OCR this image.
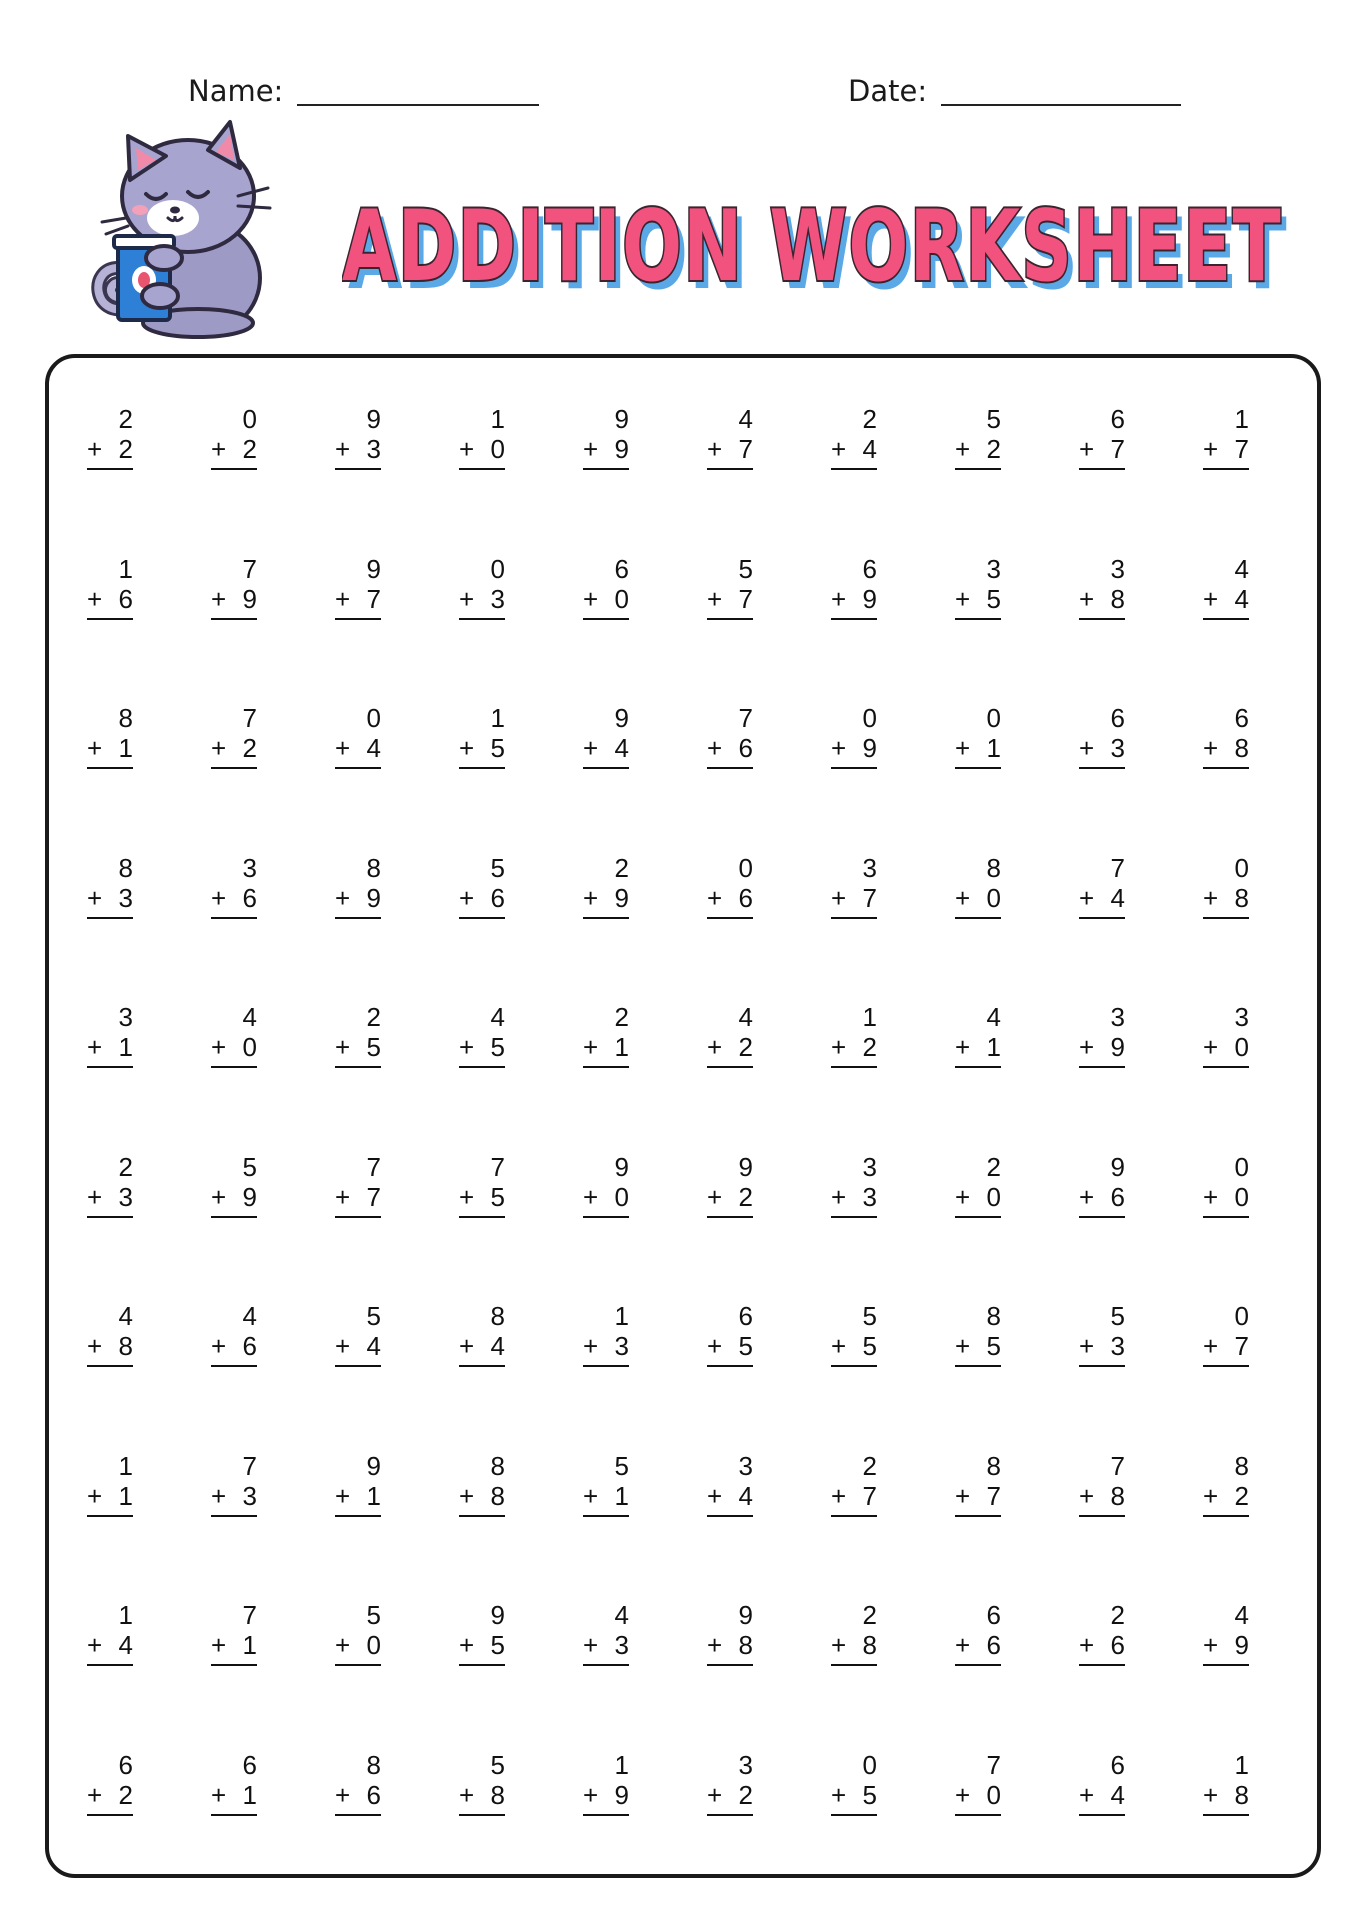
Name:	Date:
ADDITION WORKSHEET
ADDITION WORKSHEET
2
+ 2
0
+ 2
9
+ 3
1
+ 0
9
+ 9
4
+ 7
2
+ 4
5
+ 2
6
+ 7
1
+ 7
1
+ 6
7
+ 9
9
+ 7
0
+ 3
6
+ 0
5
+ 7
6
+ 9
3
+ 5
3
+ 8
4
+ 4
8
+ 1
7
+ 2
0
+ 4
1
+ 5
9
+ 4
7
+ 6
0
+ 9
0
+ 1
6
+ 3
6
+ 8
8
+ 3
3
+ 6
8
+ 9
5
+ 6
2
+ 9
0
+ 6
3
+ 7
8
+ 0
7
+ 4
0
+ 8
3
+ 1
4
+ 0
2
+ 5
4
+ 5
2
+ 1
4
+ 2
1
+ 2
4
+ 1
3
+ 9
3
+ 0
2
+ 3
5
+ 9
7
+ 7
7
+ 5
9
+ 0
9
+ 2
3
+ 3
2
+ 0
9
+ 6
0
+ 0
4
+ 8
4
+ 6
5
+ 4
8
+ 4
1
+ 3
6
+ 5
5
+ 5
8
+ 5
5
+ 3
0
+ 7
1
+ 1
7
+ 3
9
+ 1
8
+ 8
5
+ 1
3
+ 4
2
+ 7
8
+ 7
7
+ 8
8
+ 2
1
+ 4
7
+ 1
5
+ 0
9
+ 5
4
+ 3
9
+ 8
2
+ 8
6
+ 6
2
+ 6
4
+ 9
6
+ 2
6
+ 1
8
+ 6
5
+ 8
1
+ 9
3
+ 2
0
+ 5
7
+ 0
6
+ 4
1
+ 8
